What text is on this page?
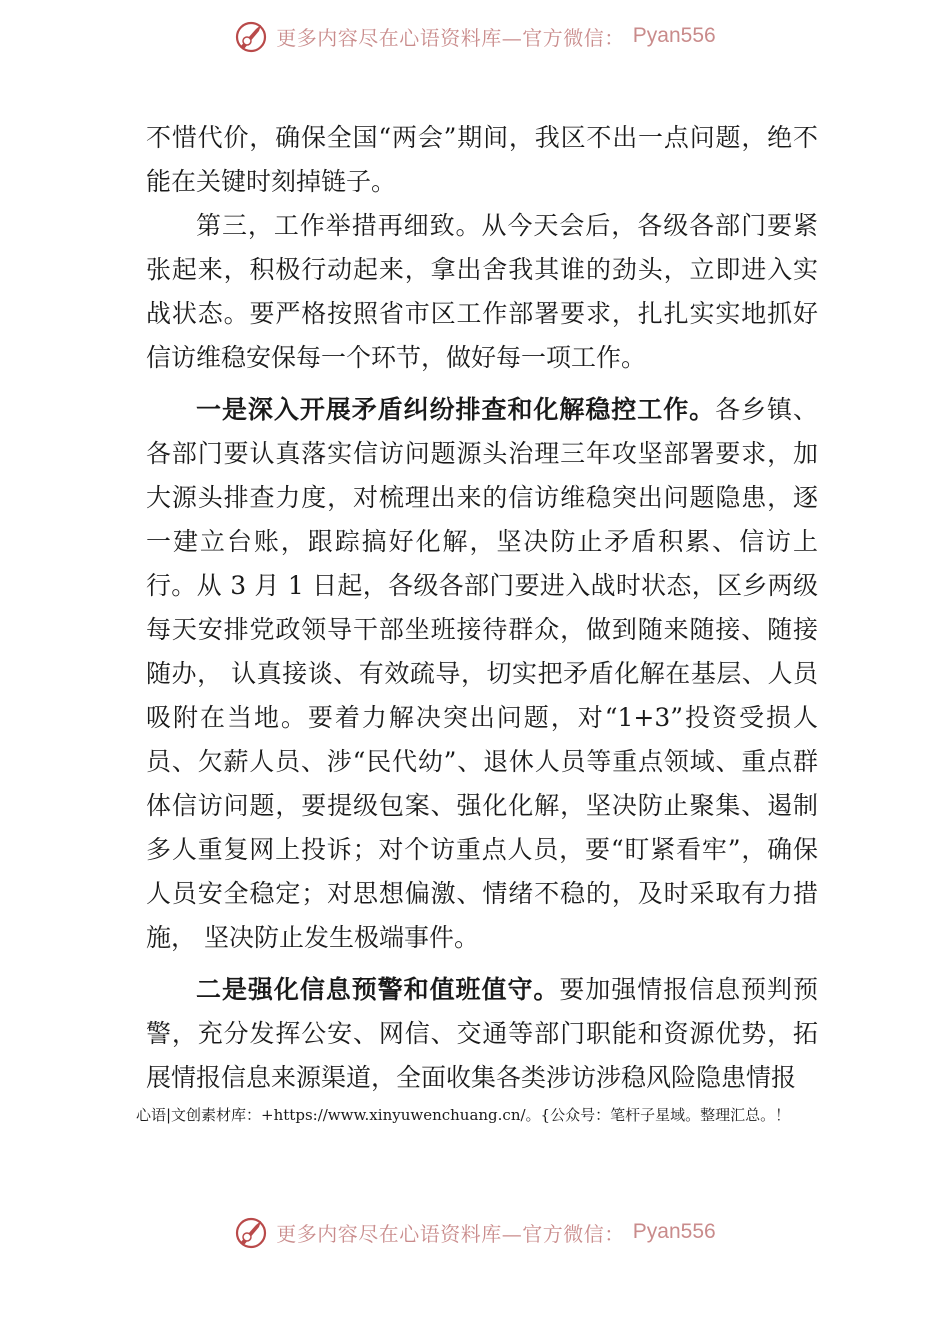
更多内容尽在心语资料库—官方微信： Pyan556

不惜代价，确保全国“两会”期间，我区不出一点问题，绝不能在关键时刻掉链子。

第三，工作举措再细致。从今天会后，各级各部门要紧张起来，积极行动起来，拿出舍我其谁的劲头，立即进入实战状态。要严格按照省市区工作部署要求，扎扎实实地抓好信访维稳安保每一个环节，做好每一项工作。

一是深入开展矛盾纠纷排查和化解稳控工作。各乡镇、各部门要认真落实信访问题源头治理三年攻坚部署要求，加大源头排查力度，对梳理出来的信访维稳突出问题隐患，逐一建立台账，跟踪搞好化解，坚决防止矛盾积累、信访上行。从 3 月 1 日起，各级各部门要进入战时状态，区乡两级每天安排党政领导干部坐班接待群众，做到随来随接、随接随办， 认真接谈、有效疏导，切实把矛盾化解在基层、人员吸附在当地。要着力解决突出问题，对“1+3”投资受损人员、欠薪人员、涉“民代幼”、退休人员等重点领域、重点群体信访问题，要提级包案、强化化解，坚决防止聚集、遏制多人重复网上投诉；对个访重点人员，要“盯紧看牢”，确保人员安全稳定；对思想偏激、情绪不稳的，及时采取有力措施， 坚决防止发生极端事件。

二是强化信息预警和值班值守。要加强情报信息预判预警，充分发挥公安、网信、交通等部门职能和资源优势，拓展情报信息来源渠道，全面收集各类涉访涉稳风险隐患情报

心语|文创素材库：+https://www.xinyuwenchuang.cn/。{公众号：笔杆子星域。整理汇总。！
更多内容尽在心语资料库—官方微信： Pyan556
